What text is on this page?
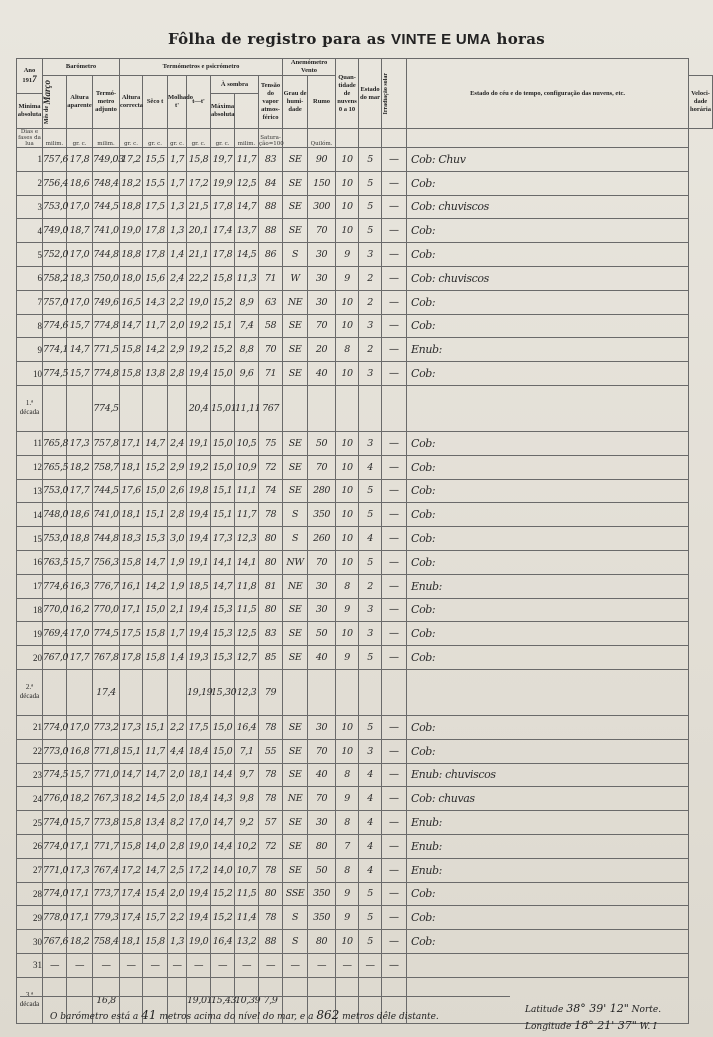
Fôlha de registro para as VINTE E UMA horas
Ano 1917	Barómetro			Termómetros e psicrómetro							Anemómetro
Vento		Quan-tidade de nuvens 0 a 10	Estado do mar	Irradiação solar	Estado do céu e do tempo, configuração das nuvens, etc.	

	Mês de Março	Altura aparente	Termó-metro adjunto	Altura correcta	Sêco t	Molhado t'	t—t'	À sombra		Tensão do vapor atmos-férico	Grau de humi-dade	Rumo					Veloci-dade horária
Minima absoluta								Máxima absoluta									
Dias e fases da lua	milim.	gr. c.	milim.	gr. c.	gr. c.	gr. c.	gr. c.	gr. c.	milim.	Satura-ção=100		Quilóm.					
1	757,6	17,8	749,03	17,2	15,5	1,7	15,8	19,7	11,7	83	SE	90	10	5	—	Cob: Chuv	
2	756,4	18,6	748,4	18,2	15,5	1,7	17,2	19,9	12,5	84	SE	150	10	5	—	Cob:	
3	753,0	17,0	744,5	18,8	17,5	1,3	21,5	17,8	14,7	88	SE	300	10	5	—	Cob: chuviscos	
4	749,0	18,7	741,0	19,0	17,8	1,3	20,1	17,4	13,7	88	SE	70	10	5	—	Cob:	
5	752,0	17,0	744,8	18,8	17,8	1,4	21,1	17,8	14,5	86	S	30	9	3	—	Cob:	
6	758,2	18,3	750,0	18,0	15,6	2,4	22,2	15,8	11,3	71	W	30	9	2	—	Cob: chuviscos	
7	757,0	17,0	749,6	16,5	14,3	2,2	19,0	15,2	8,9	63	NE	30	10	2	—	Cob:	
8	774,6	15,7	774,8	14,7	11,7	2,0	19,2	15,1	7,4	58	SE	70	10	3	—	Cob:	
9	774,1	14,7	771,5	15,8	14,2	2,9	19,2	15,2	8,8	70	SE	20	8	2	—	Enub:	
10	774,5	15,7	774,8	15,8	13,8	2,8	19,4	15,0	9,6	71	SE	40	10	3	—	Cob:	
1.ª década			774,5				20,4	15,01	11,11	767							
11	765,8	17,3	757,8	17,1	14,7	2,4	19,1	15,0	10,5	75	SE	50	10	3	—	Cob:	
12	765,5	18,2	758,7	18,1	15,2	2,9	19,2	15,0	10,9	72	SE	70	10	4	—	Cob:	
13	753,0	17,7	744,5	17,6	15,0	2,6	19,8	15,1	11,1	74	SE	280	10	5	—	Cob:	
14	748,0	18,6	741,0	18,1	15,1	2,8	19,4	15,1	11,7	78	S	350	10	5	—	Cob:	
15	753,0	18,8	744,8	18,3	15,3	3,0	19,4	17,3	12,3	80	S	260	10	4	—	Cob:	
16	763,5	15,7	756,3	15,8	14,7	1,9	19,1	14,1	14,1	80	NW	70	10	5	—	Cob:	
17	774,6	16,3	776,7	16,1	14,2	1,9	18,5	14,7	11,8	81	NE	30	8	2	—	Enub:	
18	770,0	16,2	770,0	17,1	15,0	2,1	19,4	15,3	11,5	80	SE	30	9	3	—	Cob:	
19	769,4	17,0	774,5	17,5	15,8	1,7	19,4	15,3	12,5	83	SE	50	10	3	—	Cob:	
20	767,0	17,7	767,8	17,8	15,8	1,4	19,3	15,3	12,7	85	SE	40	9	5	—	Cob:	
2.ª década			17,4				19,19	15,30	12,3	79							
21	774,0	17,0	773,2	17,3	15,1	2,2	17,5	15,0	16,4	78	SE	30	10	5	—	Cob:	
22	773,0	16,8	771,8	15,1	11,7	4,4	18,4	15,0	7,1	55	SE	70	10	3	—	Cob:	
23	774,5	15,7	771,0	14,7	14,7	2,0	18,1	14,4	9,7	78	SE	40	8	4	—	Enub: chuviscos	
24	776,0	18,2	767,3	18,2	14,5	2,0	18,4	14,3	9,8	78	NE	70	9	4	—	Cob: chuvas	
25	774,0	15,7	773,8	15,8	13,4	8,2	17,0	14,7	9,2	57	SE	30	8	4	—	Enub:	
26	774,0	17,1	771,7	15,8	14,0	2,8	19,0	14,4	10,2	72	SE	80	7	4	—	Enub:	
27	771,0	17,3	767,4	17,2	14,7	2,5	17,2	14,0	10,7	78	SE	50	8	4	—	Enub:	
28	774,0	17,1	773,7	17,4	15,4	2,0	19,4	15,2	11,5	80	SSE	350	9	5	—	Cob:	
29	778,0	17,1	779,3	17,4	15,7	2,2	19,4	15,2	11,4	78	S	350	9	5	—	Cob:	
30	767,6	18,2	758,4	18,1	15,8	1,3	19,0	16,4	13,2	88	S	80	10	5	—	Cob:	
31	—	—	—	—	—	—	—	—	—	—	—	—	—	—	—		
3.ª década			16,8				19,01	15,43	10,39	7,9							
O barómetro está a 41 metros acima do nível do mar, e a 862 metros dêle distante.
Latitude 38° 39' 12" Norte.
Longitude 18° 21' 37" W. I
